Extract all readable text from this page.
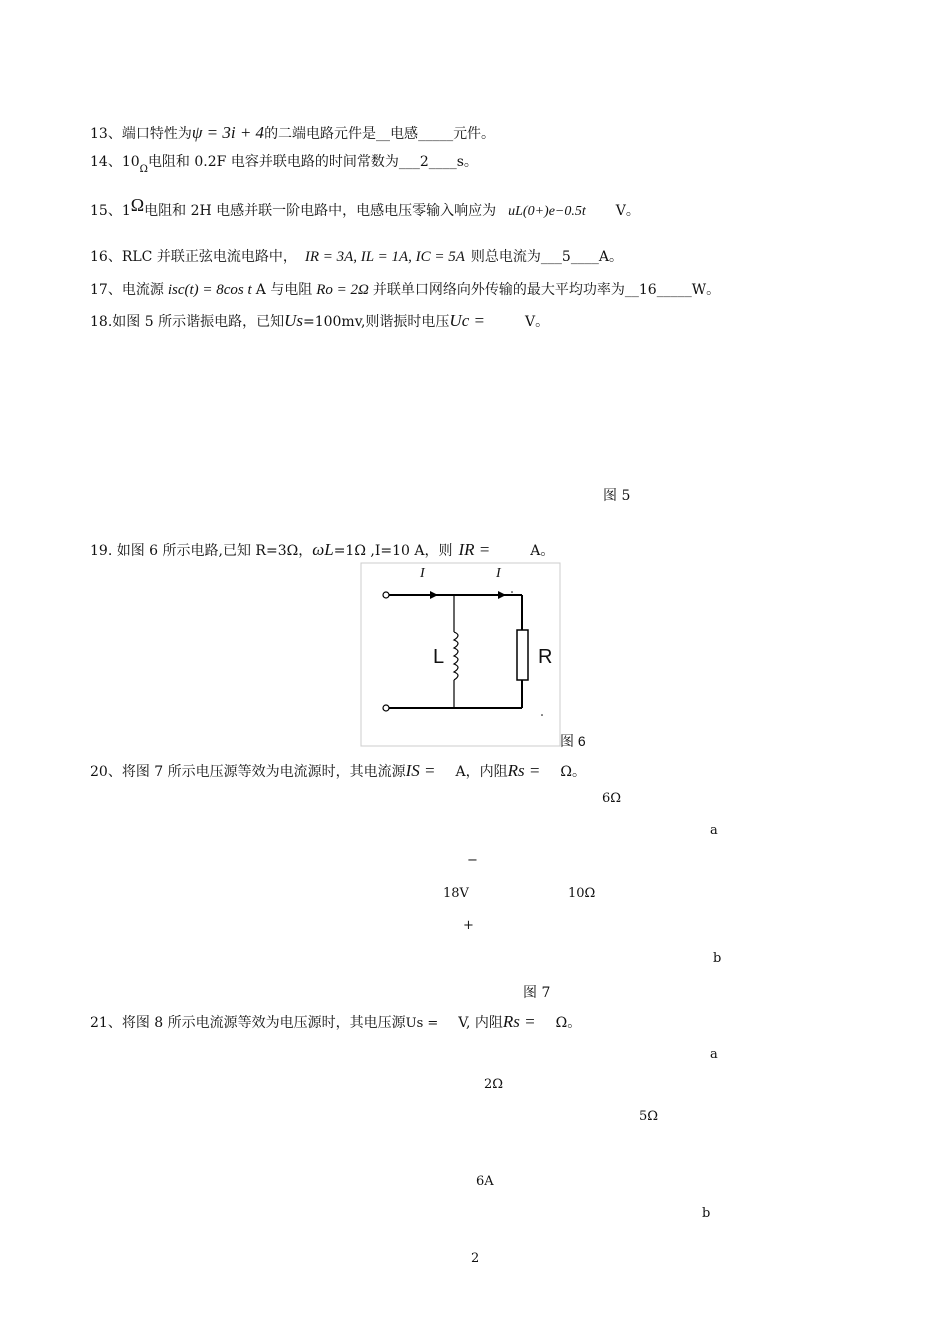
13、端口特性为ψ = 3i + 4的二端电路元件是__电感_____元件。
14、$10_\Omega$电阻和 0.2F 电容并联电路的时间常数为___2____s。
15、1Ω电阻和 2H 电感并联一阶电路中，电感电压零输入响应为 uL(0+)e−0.5t V。
16、RLC 并联正弦电流电路中， IR = 3A, IL = 1A, IC = 5A 则总电流为___5____A。
17、电流源 isc(t) = 8cos t A 与电阻 Ro = 2Ω 并联单口网络向外传输的最大平均功率为__16_____W。
18.如图 5 所示谐振电路，已知Us=100mv,则谐振时电压Uc =	V。
图 5
19. 如图 6 所示电路,已知 R=3Ω，ωL=1Ω ,I=10 A，则 IR =	A。
I	I
L	R
图 6
20、将图 7 所示电压源等效为电流源时，其电流源IS = A，内阻Rs = Ω。
6Ω
a
−
18V	10Ω
+
b
图 7
21、将图 8 所示电流源等效为电压源时，其电压源Us = V, 内阻Rs = Ω。
a
2Ω
5Ω
6A
b
2
